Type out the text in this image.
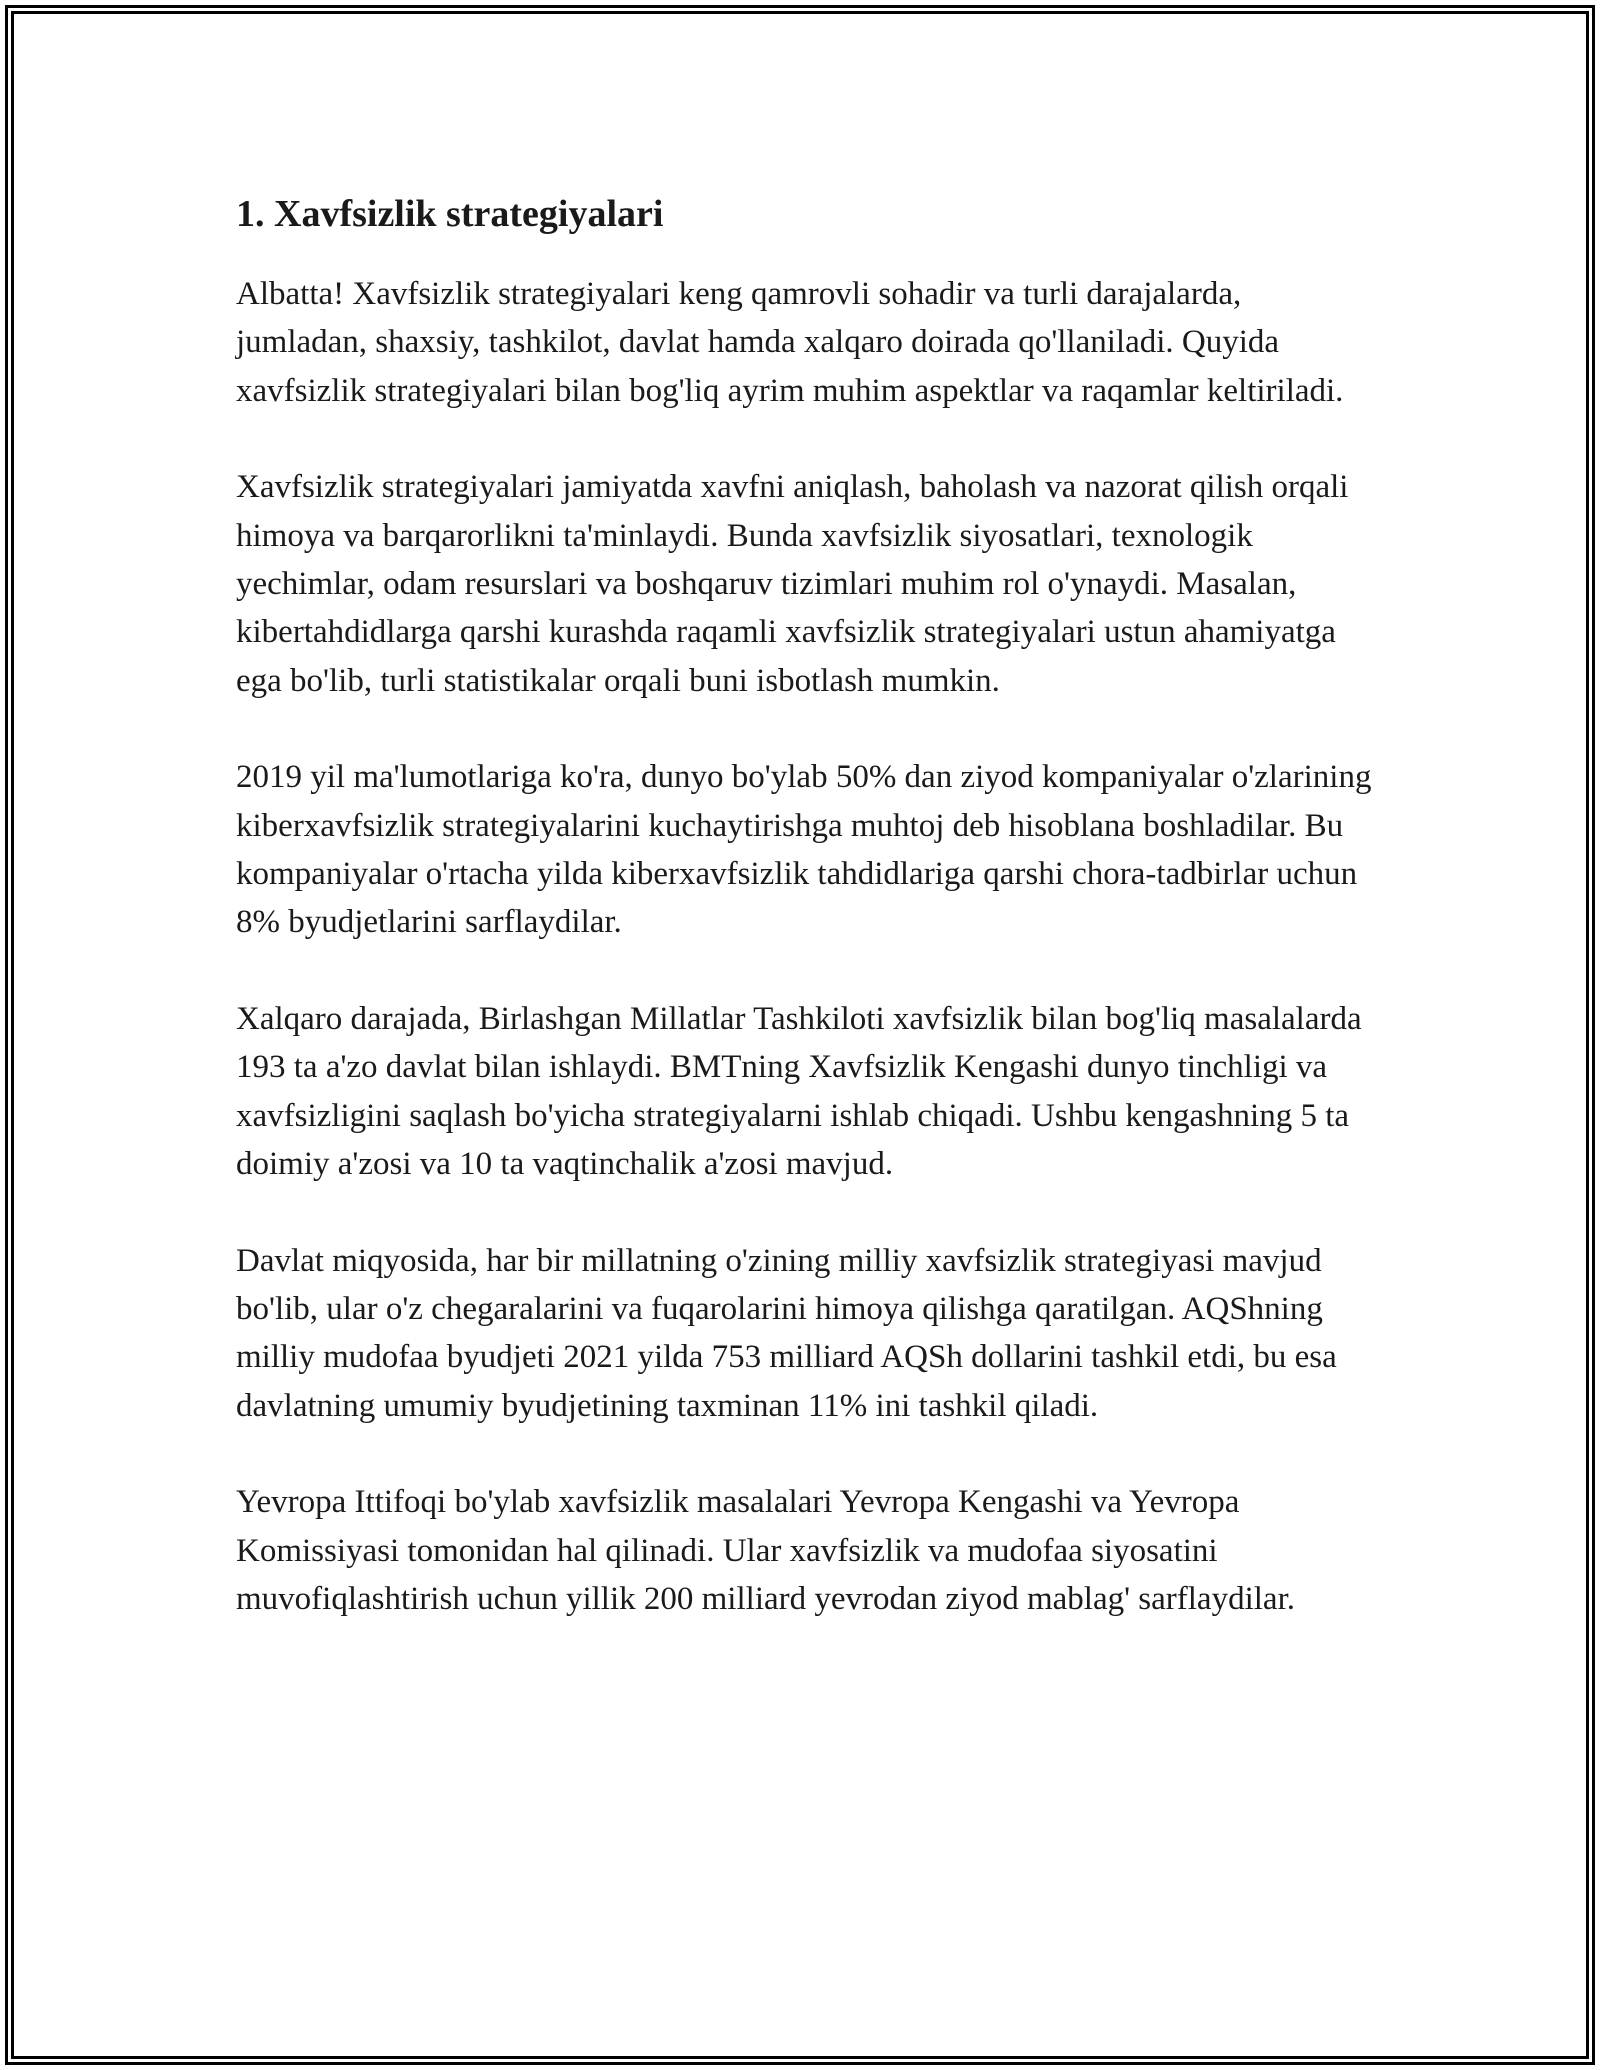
1. Xavfsizlik strategiyalari

Albatta! Xavfsizlik strategiyalari keng qamrovli sohadir va turli darajalarda, jumladan, shaxsiy, tashkilot, davlat hamda xalqaro doirada qo'llaniladi. Quyida xavfsizlik strategiyalari bilan bog'liq ayrim muhim aspektlar va raqamlar keltiriladi.

Xavfsizlik strategiyalari jamiyatda xavfni aniqlash, baholash va nazorat qilish orqali himoya va barqarorlikni ta'minlaydi. Bunda xavfsizlik siyosatlari, texnologik yechimlar, odam resurslari va boshqaruv tizimlari muhim rol o'ynaydi. Masalan, kibertahdidlarga qarshi kurashda raqamli xavfsizlik strategiyalari ustun ahamiyatga ega bo'lib, turli statistikalar orqali buni isbotlash mumkin.

2019 yil ma'lumotlariga ko'ra, dunyo bo'ylab 50% dan ziyod kompaniyalar o'zlarining kiberxavfsizlik strategiyalarini kuchaytirishga muhtoj deb hisoblana boshladilar. Bu kompaniyalar o'rtacha yilda kiberxavfsizlik tahdidlariga qarshi chora-tadbirlar uchun 8% byudjetlarini sarflaydilar.

Xalqaro darajada, Birlashgan Millatlar Tashkiloti xavfsizlik bilan bog'liq masalalarda 193 ta a'zo davlat bilan ishlaydi. BMTning Xavfsizlik Kengashi dunyo tinchligi va xavfsizligini saqlash bo'yicha strategiyalarni ishlab chiqadi. Ushbu kengashning 5 ta doimiy a'zosi va 10 ta vaqtinchalik a'zosi mavjud.

Davlat miqyosida, har bir millatning o'zining milliy xavfsizlik strategiyasi mavjud bo'lib, ular o'z chegaralarini va fuqarolarini himoya qilishga qaratilgan. AQShning milliy mudofaa byudjeti 2021 yilda 753 milliard AQSh dollarini tashkil etdi, bu esa davlatning umumiy byudjetining taxminan 11% ini tashkil qiladi.

Yevropa Ittifoqi bo'ylab xavfsizlik masalalari Yevropa Kengashi va Yevropa Komissiyasi tomonidan hal qilinadi. Ular xavfsizlik va mudofaa siyosatini muvofiqlashtirish uchun yillik 200 milliard yevrodan ziyod mablag' sarflaydilar.
